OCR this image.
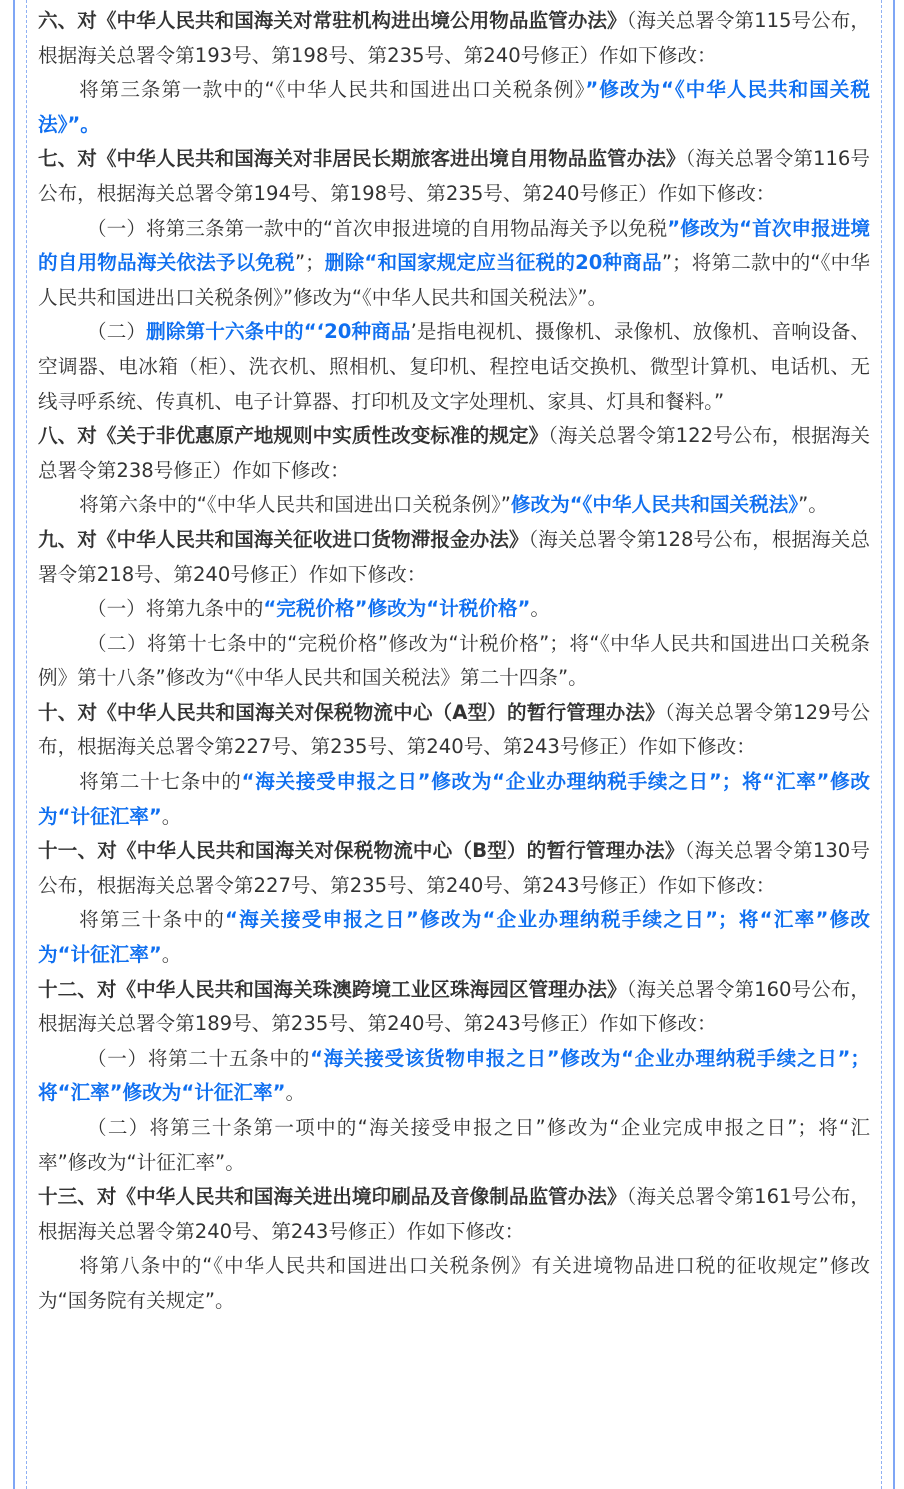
六、对《中华人民共和国海关对常驻机构进出境公用物品监管办法》（海关总署令第115号公布，根据海关总署令第193号、第198号、第235号、第240号修正）作如下修改：

将第三条第一款中的“《中华人民共和国进出口关税条例》”修改为“《中华人民共和国关税法》”。

七、对《中华人民共和国海关对非居民长期旅客进出境自用物品监管办法》（海关总署令第116号公布，根据海关总署令第194号、第198号、第235号、第240号修正）作如下修改：

（一）将第三条第一款中的“首次申报进境的自用物品海关予以免税”修改为“首次申报进境的自用物品海关依法予以免税”；删除“和国家规定应当征税的20种商品”；将第二款中的“《中华人民共和国进出口关税条例》”修改为“《中华人民共和国关税法》”。

（二）删除第十六条中的“‘20种商品’是指电视机、摄像机、录像机、放像机、音响设备、空调器、电冰箱（柜）、洗衣机、照相机、复印机、程控电话交换机、微型计算机、电话机、无线寻呼系统、传真机、电子计算器、打印机及文字处理机、家具、灯具和餐料。”

八、对《关于非优惠原产地规则中实质性改变标准的规定》（海关总署令第122号公布，根据海关总署令第238号修正）作如下修改：

将第六条中的“《中华人民共和国进出口关税条例》”修改为“《中华人民共和国关税法》”。

九、对《中华人民共和国海关征收进口货物滞报金办法》（海关总署令第128号公布，根据海关总署令第218号、第240号修正）作如下修改：

（一）将第九条中的“完税价格”修改为“计税价格”。

（二）将第十七条中的“完税价格”修改为“计税价格”；将“《中华人民共和国进出口关税条例》第十八条”修改为“《中华人民共和国关税法》第二十四条”。

十、对《中华人民共和国海关对保税物流中心（A型）的暂行管理办法》（海关总署令第129号公布，根据海关总署令第227号、第235号、第240号、第243号修正）作如下修改：

将第二十七条中的“海关接受申报之日”修改为“企业办理纳税手续之日”；将“汇率”修改为“计征汇率”。

十一、对《中华人民共和国海关对保税物流中心（B型）的暂行管理办法》（海关总署令第130号公布，根据海关总署令第227号、第235号、第240号、第243号修正）作如下修改：

将第三十条中的“海关接受申报之日”修改为“企业办理纳税手续之日”；将“汇率”修改为“计征汇率”。

十二、对《中华人民共和国海关珠澳跨境工业区珠海园区管理办法》（海关总署令第160号公布，根据海关总署令第189号、第235号、第240号、第243号修正）作如下修改：

（一）将第二十五条中的“海关接受该货物申报之日”修改为“企业办理纳税手续之日”；将“汇率”修改为“计征汇率”。

（二）将第三十条第一项中的“海关接受申报之日”修改为“企业完成申报之日”；将“汇率”修改为“计征汇率”。

十三、对《中华人民共和国海关进出境印刷品及音像制品监管办法》（海关总署令第161号公布，根据海关总署令第240号、第243号修正）作如下修改：

将第八条中的“《中华人民共和国进出口关税条例》有关进境物品进口税的征收规定”修改为“国务院有关规定”。
